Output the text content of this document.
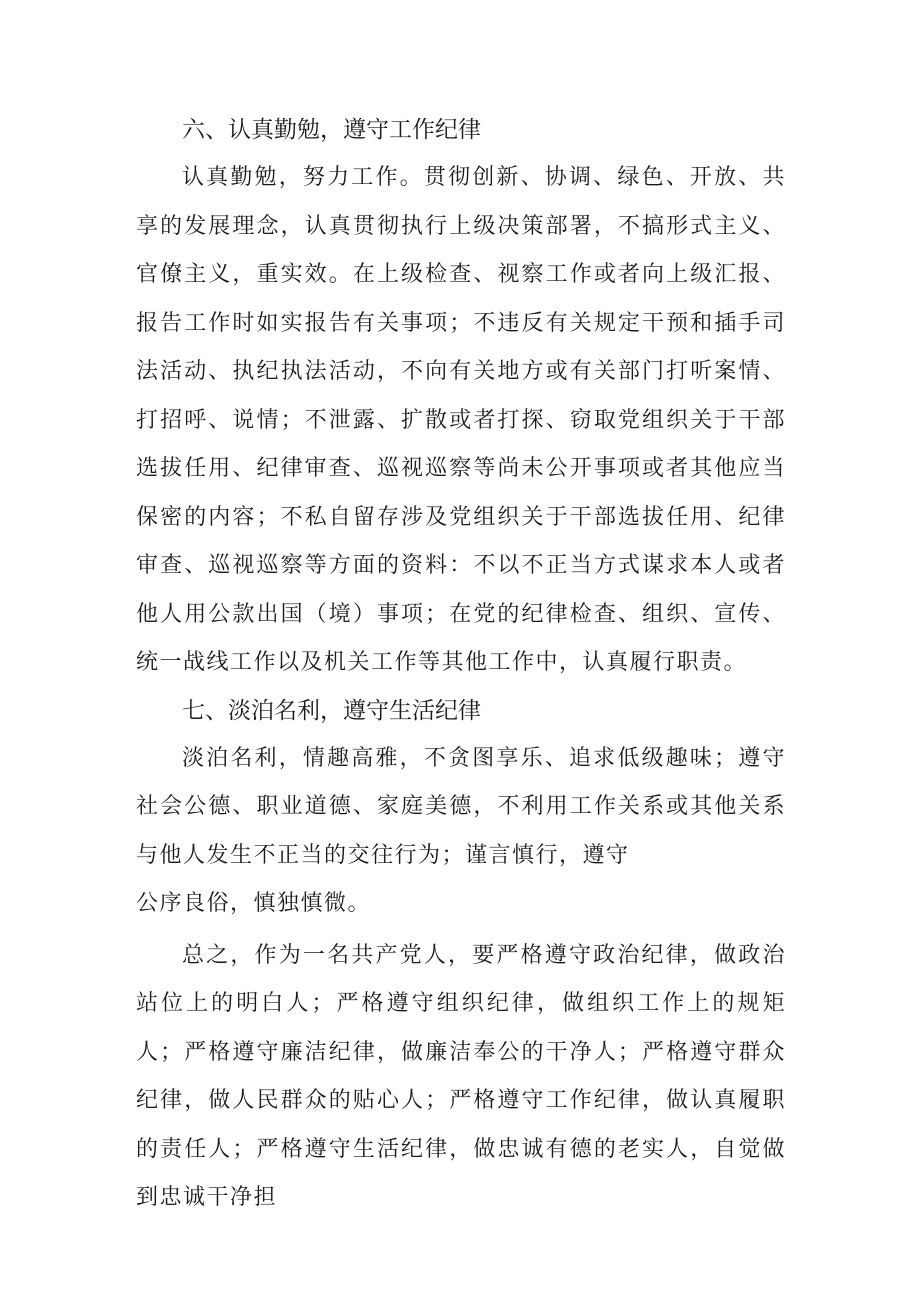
六、认真勤勉，遵守工作纪律

认真勤勉，努力工作。贯彻创新、协调、绿色、开放、共享的发展理念，认真贯彻执行上级决策部署，不搞形式主义、官僚主义，重实效。在上级检查、视察工作或者向上级汇报、报告工作时如实报告有关事项；不违反有关规定干预和插手司法活动、执纪执法活动，不向有关地方或有关部门打听案情、打招呼、说情；不泄露、扩散或者打探、窃取党组织关于干部选拔任用、纪律审查、巡视巡察等尚未公开事项或者其他应当保密的内容；不私自留存涉及党组织关于干部选拔任用、纪律审查、巡视巡察等方面的资料：不以不正当方式谋求本人或者他人用公款出国（境）事项；在党的纪律检查、组织、宣传、统一战线工作以及机关工作等其他工作中，认真履行职责。

七、淡泊名利，遵守生活纪律

淡泊名利，情趣高雅，不贪图享乐、追求低级趣味；遵守社会公德、职业道德、家庭美德，不利用工作关系或其他关系与他人发生不正当的交往行为；谨言慎行，遵守
公序良俗，慎独慎微。

总之，作为一名共产党人，要严格遵守政治纪律，做政治站位上的明白人；严格遵守组织纪律，做组织工作上的规矩人；严格遵守廉洁纪律，做廉洁奉公的干净人；严格遵守群众纪律，做人民群众的贴心人；严格遵守工作纪律，做认真履职的责任人；严格遵守生活纪律，做忠诚有德的老实人，自觉做到忠诚干净担
